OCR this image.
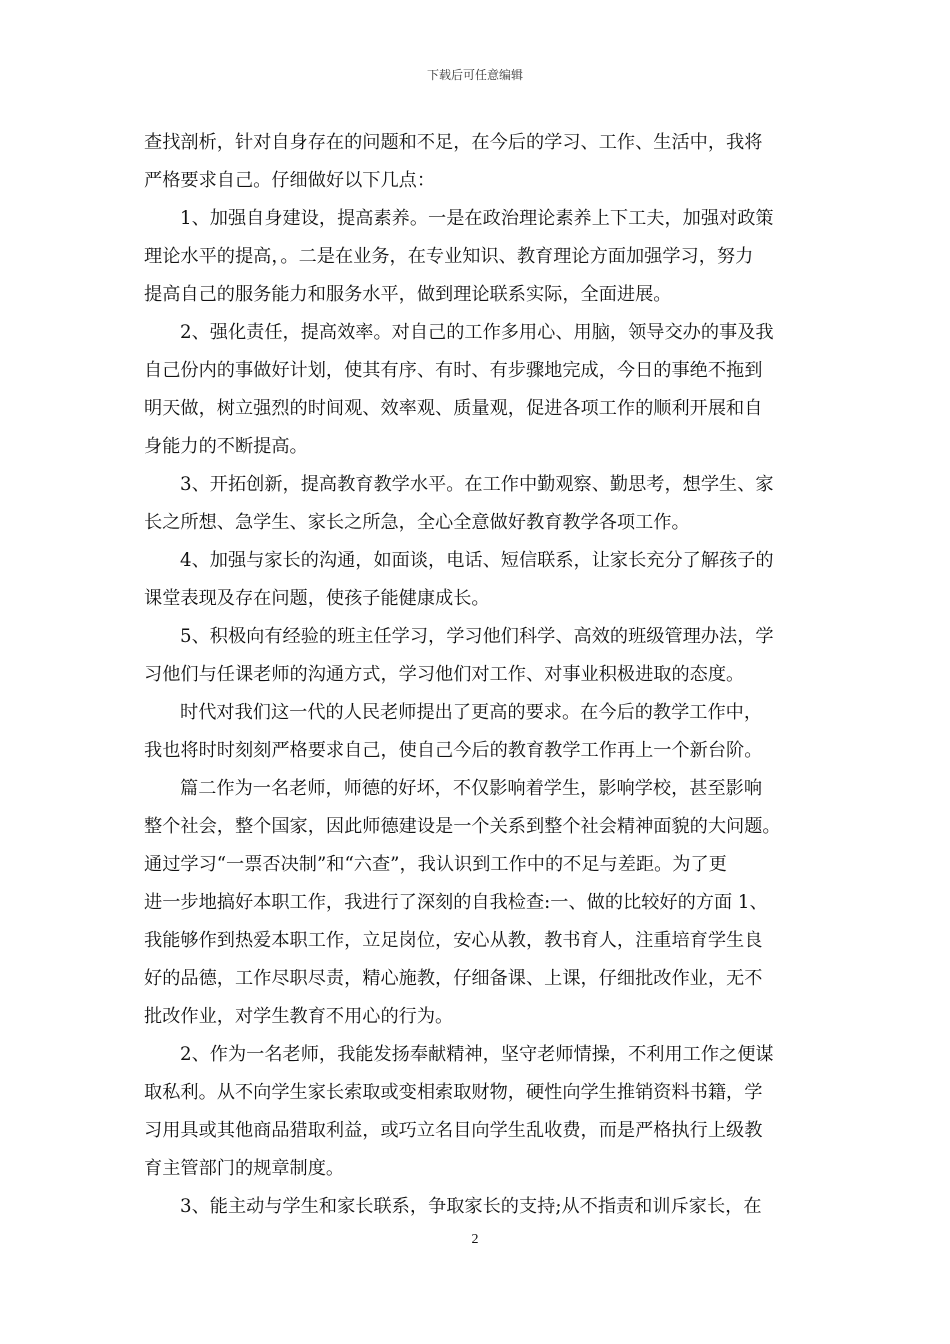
下载后可任意编辑
查找剖析，针对自身存在的问题和不足，在今后的学习、工作、生活中，我将
严格要求自己。仔细做好以下几点：
1、加强自身建设，提高素养。一是在政治理论素养上下工夫，加强对政策
理论水平的提高，。二是在业务，在专业知识、教育理论方面加强学习，努力
提高自己的服务能力和服务水平，做到理论联系实际，全面进展。
2、强化责任，提高效率。对自己的工作多用心、用脑，领导交办的事及我
自己份内的事做好计划，使其有序、有时、有步骤地完成，今日的事绝不拖到
明天做，树立强烈的时间观、效率观、质量观，促进各项工作的顺利开展和自
身能力的不断提高。
3、开拓创新，提高教育教学水平。在工作中勤观察、勤思考，想学生、家
长之所想、急学生、家长之所急，全心全意做好教育教学各项工作。
4、加强与家长的沟通，如面谈，电话、短信联系，让家长充分了解孩子的
课堂表现及存在问题，使孩子能健康成长。
5、积极向有经验的班主任学习，学习他们科学、高效的班级管理办法，学
习他们与任课老师的沟通方式，学习他们对工作、对事业积极进取的态度。
时代对我们这一代的人民老师提出了更高的要求。在今后的教学工作中，
我也将时时刻刻严格要求自己，使自己今后的教育教学工作再上一个新台阶。
篇二作为一名老师，师德的好坏，不仅影响着学生，影响学校，甚至影响
整个社会，整个国家，因此师德建设是一个关系到整个社会精神面貌的大问题。
通过学习“一票否决制”和“六查”，我认识到工作中的不足与差距。为了更
进一步地搞好本职工作，我进行了深刻的自我检查:一、做的比较好的方面 1、
我能够作到热爱本职工作，立足岗位，安心从教，教书育人，注重培育学生良
好的品德，工作尽职尽责，精心施教，仔细备课、上课，仔细批改作业，无不
批改作业，对学生教育不用心的行为。
2、作为一名老师，我能发扬奉献精神，坚守老师情操，不利用工作之便谋
取私利。从不向学生家长索取或变相索取财物，硬性向学生推销资料书籍，学
习用具或其他商品猎取利益，或巧立名目向学生乱收费，而是严格执行上级教
育主管部门的规章制度。
3、能主动与学生和家长联系，争取家长的支持;从不指责和训斥家长，在
2
